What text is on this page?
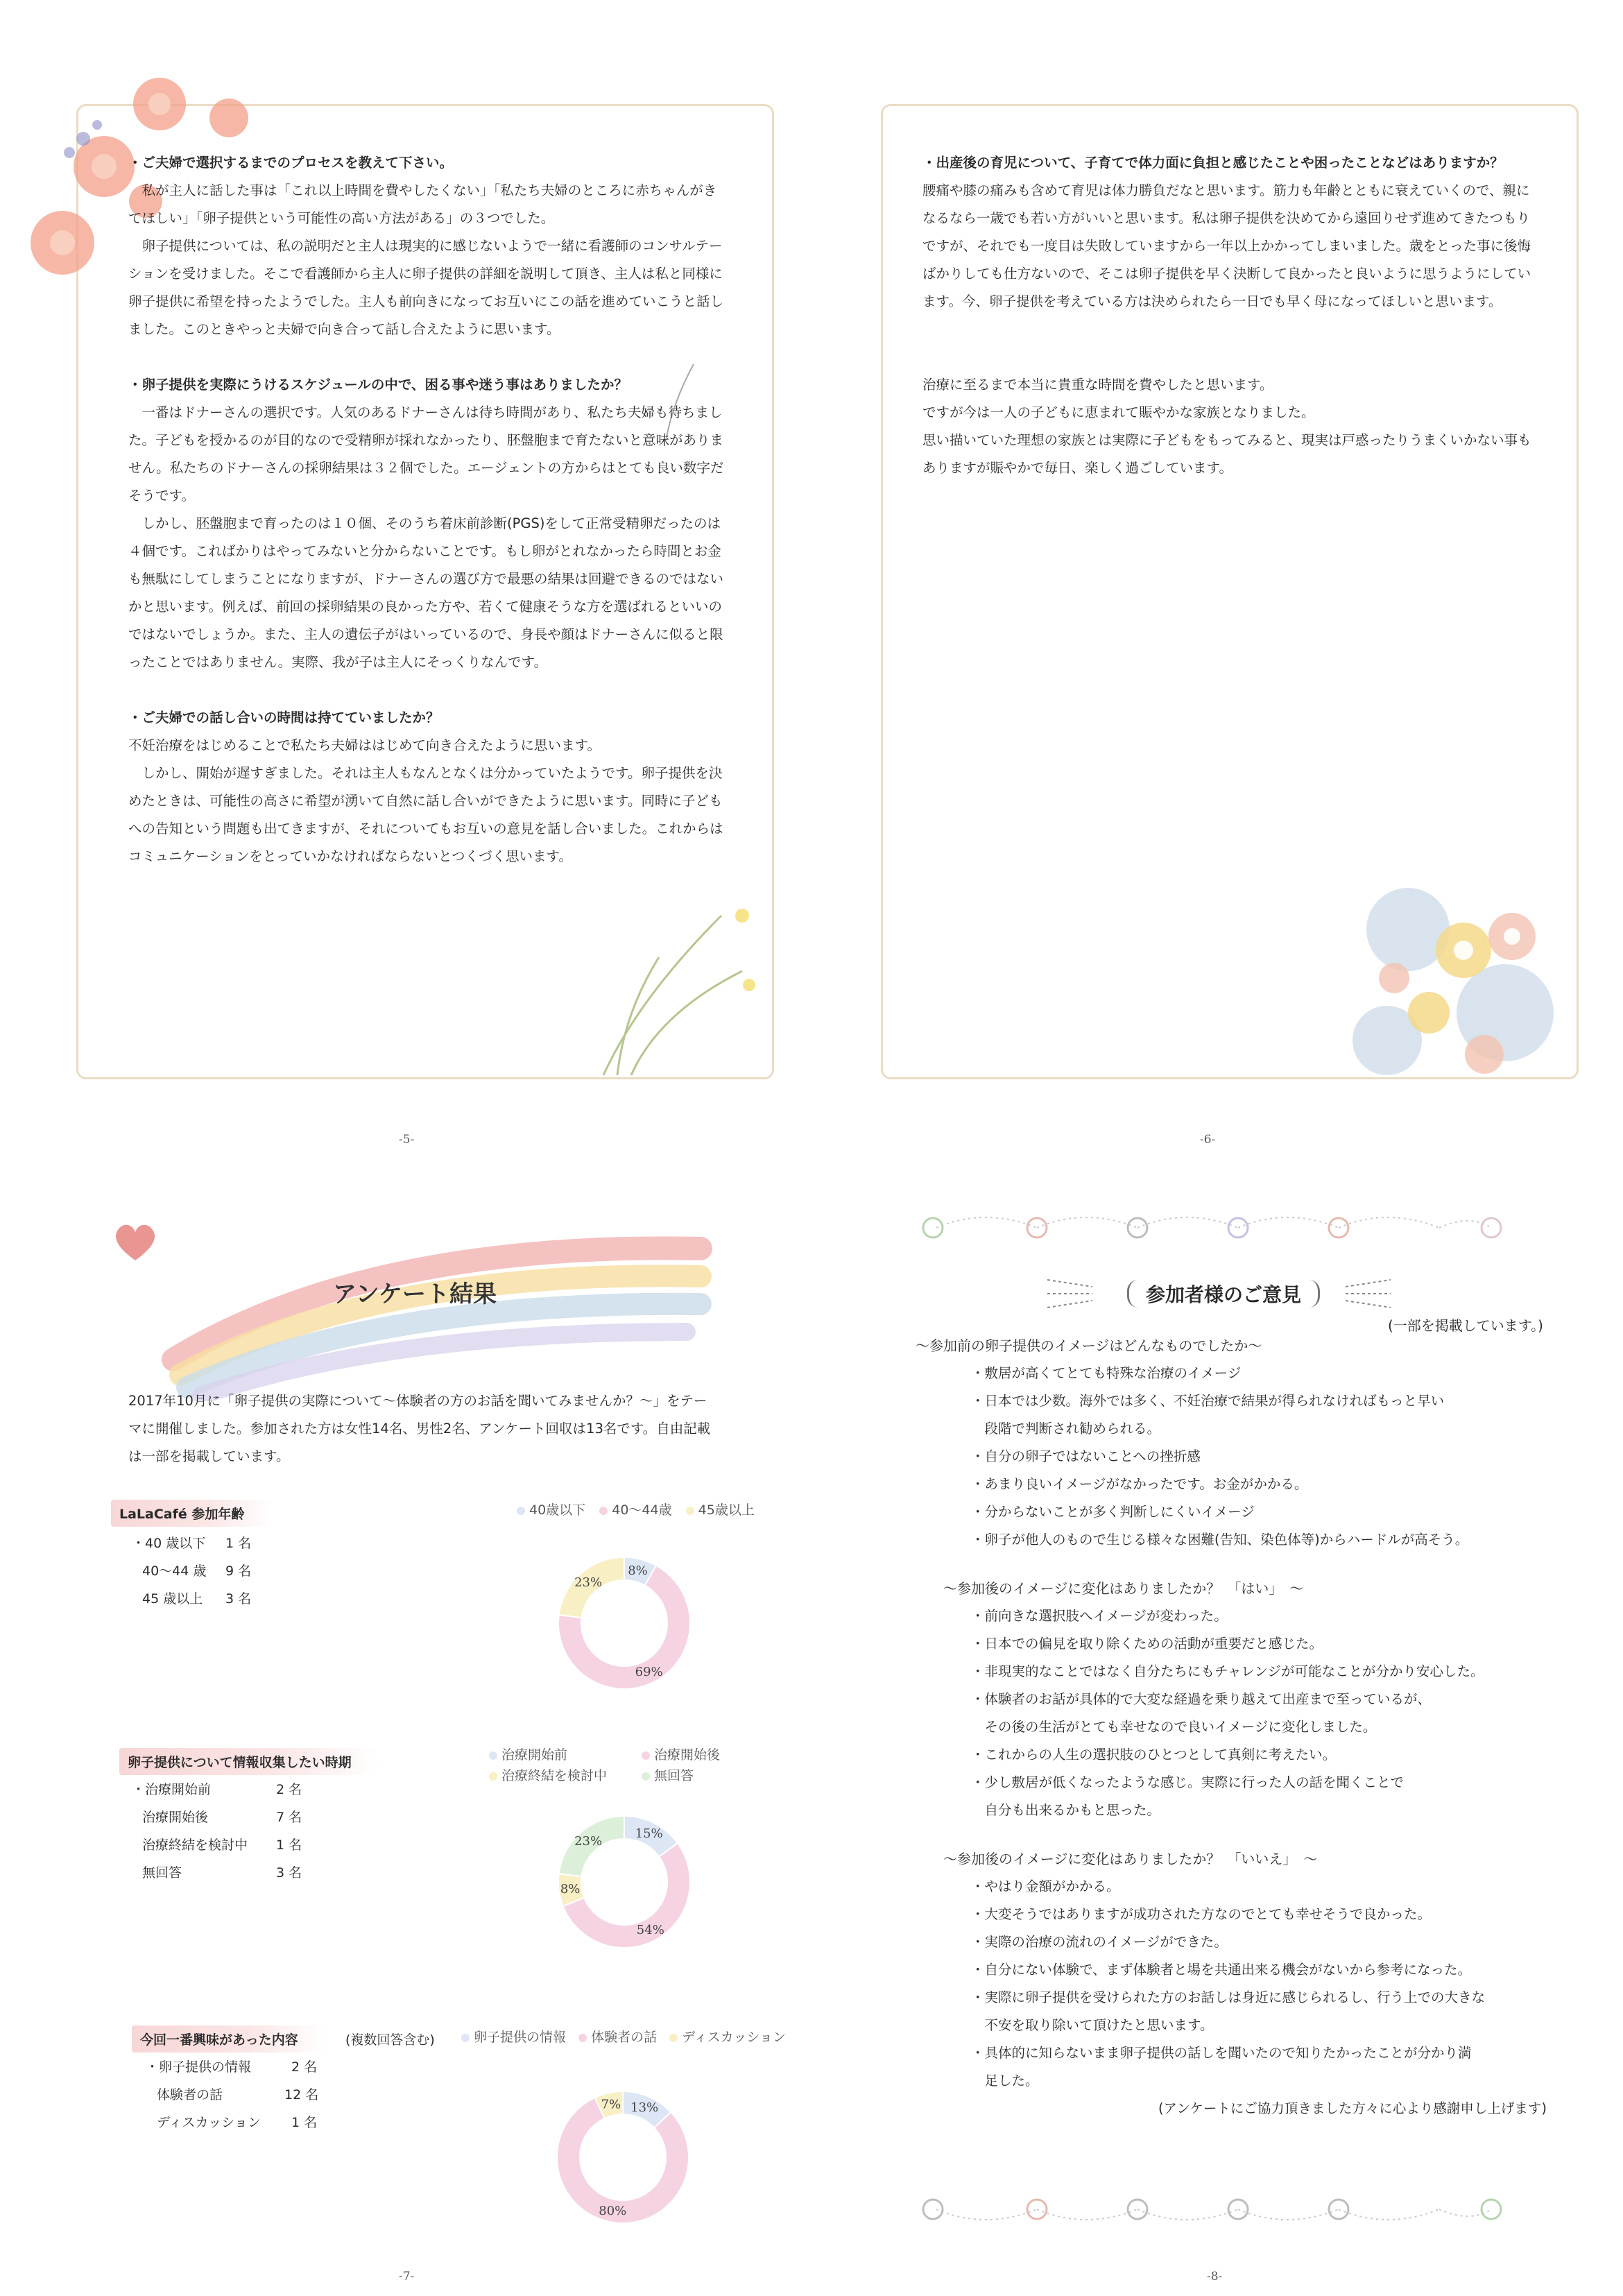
・ご夫婦で選択するまでのプロセスを教えて下さい。

　私が主人に話した事は「これ以上時間を費やしたくない」「私たち夫婦のところに赤ちゃんがきてほしい」「卵子提供という可能性の高い方法がある」の３つでした。

　卵子提供については、私の説明だと主人は現実的に感じないようで一緒に看護師のコンサルテーションを受けました。そこで看護師から主人に卵子提供の詳細を説明して頂き、主人は私と同様に卵子提供に希望を持ったようでした。主人も前向きになってお互いにこの話を進めていこうと話しました。このときやっと夫婦で向き合って話し合えたように思います。

・卵子提供を実際にうけるスケジュールの中で、困る事や迷う事はありましたか？

　一番はドナーさんの選択です。人気のあるドナーさんは待ち時間があり、私たち夫婦も待ちました。子どもを授かるのが目的なので受精卵が採れなかったり、胚盤胞まで育たないと意味がありません。私たちのドナーさんの採卵結果は３２個でした。エージェントの方からはとても良い数字だそうです。

　しかし、胚盤胞まで育ったのは１０個、そのうち着床前診断(PGS)をして正常受精卵だったのは４個です。こればかりはやってみないと分からないことです。もし卵がとれなかったら時間とお金も無駄にしてしまうことになりますが、ドナーさんの選び方で最悪の結果は回避できるのではないかと思います。例えば、前回の採卵結果の良かった方や、若くて健康そうな方を選ばれるといいのではないでしょうか。また、主人の遺伝子がはいっているので、身長や顔はドナーさんに似ると限ったことではありません。実際、我が子は主人にそっくりなんです。

・ご夫婦での話し合いの時間は持てていましたか？

不妊治療をはじめることで私たち夫婦ははじめて向き合えたように思います。

　しかし、開始が遅すぎました。それは主人もなんとなくは分かっていたようです。卵子提供を決めたときは、可能性の高さに希望が湧いて自然に話し合いができたように思います。同時に子どもへの告知という問題も出てきますが、それについてもお互いの意見を話し合いました。これからはコミュニケーションをとっていかなければならないとつくづく思います。

-5-

・出産後の育児について、子育てで体力面に負担と感じたことや困ったことなどはありますか？

腰痛や膝の痛みも含めて育児は体力勝負だなと思います。筋力も年齢とともに衰えていくので、親になるなら一歳でも若い方がいいと思います。私は卵子提供を決めてから遠回りせず進めてきたつもりですが、それでも一度目は失敗していますから一年以上かかってしまいました。歳をとった事に後悔ばかりしても仕方ないので、そこは卵子提供を早く決断して良かったと良いように思うようにしています。今、卵子提供を考えている方は決められたら一日でも早く母になってほしいと思います。

治療に至るまで本当に貴重な時間を費やしたと思います。

ですが今は一人の子どもに恵まれて賑やかな家族となりました。

思い描いていた理想の家族とは実際に子どもをもってみると、現実は戸惑ったりうまくいかない事もありますが賑やかで毎日、楽しく過ごしています。

-6-
アンケート結果

2017年10月に「卵子提供の実際について～体験者の方のお話を聞いてみませんか？～」をテーマに開催しました。参加された方は女性14名、男性2名、アンケート回収は13名です。自由記載は一部を掲載しています。

LaLaCafé 参加年齢
・40 歳以下 1 名
40～44 歳 9 名
45 歳以上 3 名
40歳以下 40～44歳 45歳以上
8%
69%
23%
卵子提供について情報収集したい時期
・治療開始前	2 名
治療開始後	7 名
治療終結を検討中 1 名
無回答	3 名
治療開始前	治療開始後
治療終結を検討中	無回答
15%
54%
8%
23%
今回一番興味があった内容	(複数回答含む)
・卵子提供の情報	2 名
体験者の話	12 名
ディスカッション 1 名
卵子提供の情報 体験者の話 ディスカッション
13%
80%
7%
-7-
参加者様のご意見
(一部を掲載しています。)

～参加前の卵子提供のイメージはどんなものでしたか～

・敷居が高くてとても特殊な治療のイメージ

・日本では少数。海外では多く、不妊治療で結果が得られなければもっと早い

　段階で判断され勧められる。

・自分の卵子ではないことへの挫折感

・あまり良いイメージがなかったです。お金がかかる。

・分からないことが多く判断しにくいイメージ

・卵子が他人のもので生じる様々な困難(告知、染色体等)からハードルが高そう。

～参加後のイメージに変化はありましたか？　「はい」　～

・前向きな選択肢へイメージが変わった。

・日本での偏見を取り除くための活動が重要だと感じた。

・非現実的なことではなく自分たちにもチャレンジが可能なことが分かり安心した。

・体験者のお話が具体的で大変な経過を乗り越えて出産まで至っているが、

　その後の生活がとても幸せなので良いイメージに変化しました。

・これからの人生の選択肢のひとつとして真剣に考えたい。

・少し敷居が低くなったような感じ。実際に行った人の話を聞くことで

　自分も出来るかもと思った。

～参加後のイメージに変化はありましたか？　「いいえ」　～

・やはり金額がかかる。

・大変そうではありますが成功された方なのでとても幸せそうで良かった。

・実際の治療の流れのイメージができた。

・自分にない体験で、まず体験者と場を共通出来る機会がないから参考になった。

・実際に卵子提供を受けられた方のお話しは身近に感じられるし、行う上での大きな

　不安を取り除いて頂けたと思います。

・具体的に知らないまま卵子提供の話しを聞いたので知りたかったことが分かり満

　足した。

(アンケートにご協力頂きました方々に心より感謝申し上げます)

-8-
